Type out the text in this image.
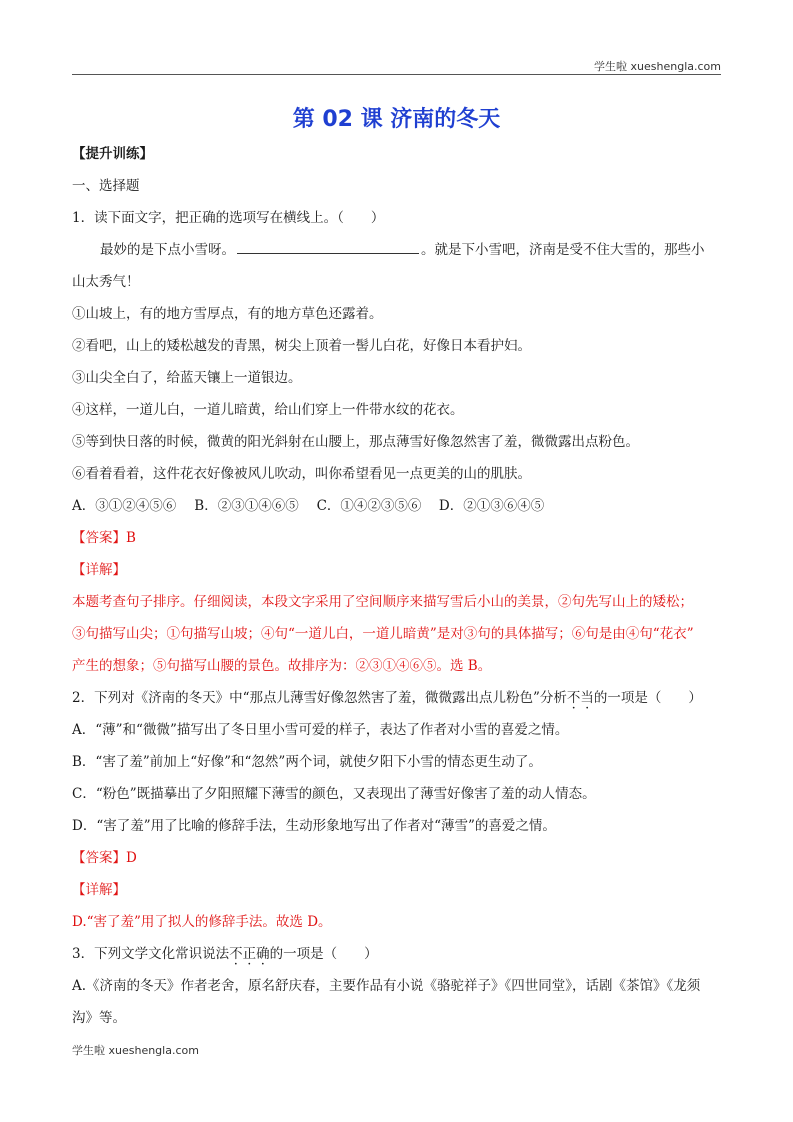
学生啦 xueshengla.com
第 02 课 济南的冬天
【提升训练】
一、选择题
1．读下面文字，把正确的选项写在横线上。（　　）
最妙的是下点小雪呀。	。就是下小雪吧，济南是受不住大雪的，那些小
山太秀气！
①山坡上，有的地方雪厚点，有的地方草色还露着。
②看吧，山上的矮松越发的青黑，树尖上顶着一髻儿白花，好像日本看护妇。
③山尖全白了，给蓝天镶上一道银边。
④这样，一道儿白，一道儿暗黄，给山们穿上一件带水纹的花衣。
⑤等到快日落的时候，微黄的阳光斜射在山腰上，那点薄雪好像忽然害了羞，微微露出点粉色。
⑥看着看着，这件花衣好像被风儿吹动，叫你希望看见一点更美的山的肌肤。
A．③①②④⑤⑥ B．②③①④⑥⑤ C．①④②③⑤⑥ D．②①③⑥④⑤
【答案】B
【详解】
本题考查句子排序。仔细阅读，本段文字采用了空间顺序来描写雪后小山的美景，②句先写山上的矮松；
③句描写山尖；①句描写山坡；④句“一道儿白，一道儿暗黄”是对③句的具体描写；⑥句是由④句“花衣”
产生的想象；⑤句描写山腰的景色。故排序为：②③①④⑥⑤。选 B。
2．下列对《济南的冬天》中“那点儿薄雪好像忽然害了羞，微微露出点儿粉色”分析不当的一项是（　　）
A．“薄”和“微微”描写出了冬日里小雪可爱的样子，表达了作者对小雪的喜爱之情。
B．“害了羞”前加上“好像”和“忽然”两个词，就使夕阳下小雪的情态更生动了。
C．“粉色”既描摹出了夕阳照耀下薄雪的颜色，又表现出了薄雪好像害了羞的动人情态。
D．“害了羞”用了比喻的修辞手法，生动形象地写出了作者对“薄雪”的喜爱之情。
【答案】D
【详解】
D.“害了羞”用了拟人的修辞手法。故选 D。
3．下列文学文化常识说法不正确的一项是（　　）
A.《济南的冬天》作者老舍，原名舒庆春，主要作品有小说《骆驼祥子》《四世同堂》，话剧《茶馆》《龙须
沟》等。
学生啦 xueshengla.com
